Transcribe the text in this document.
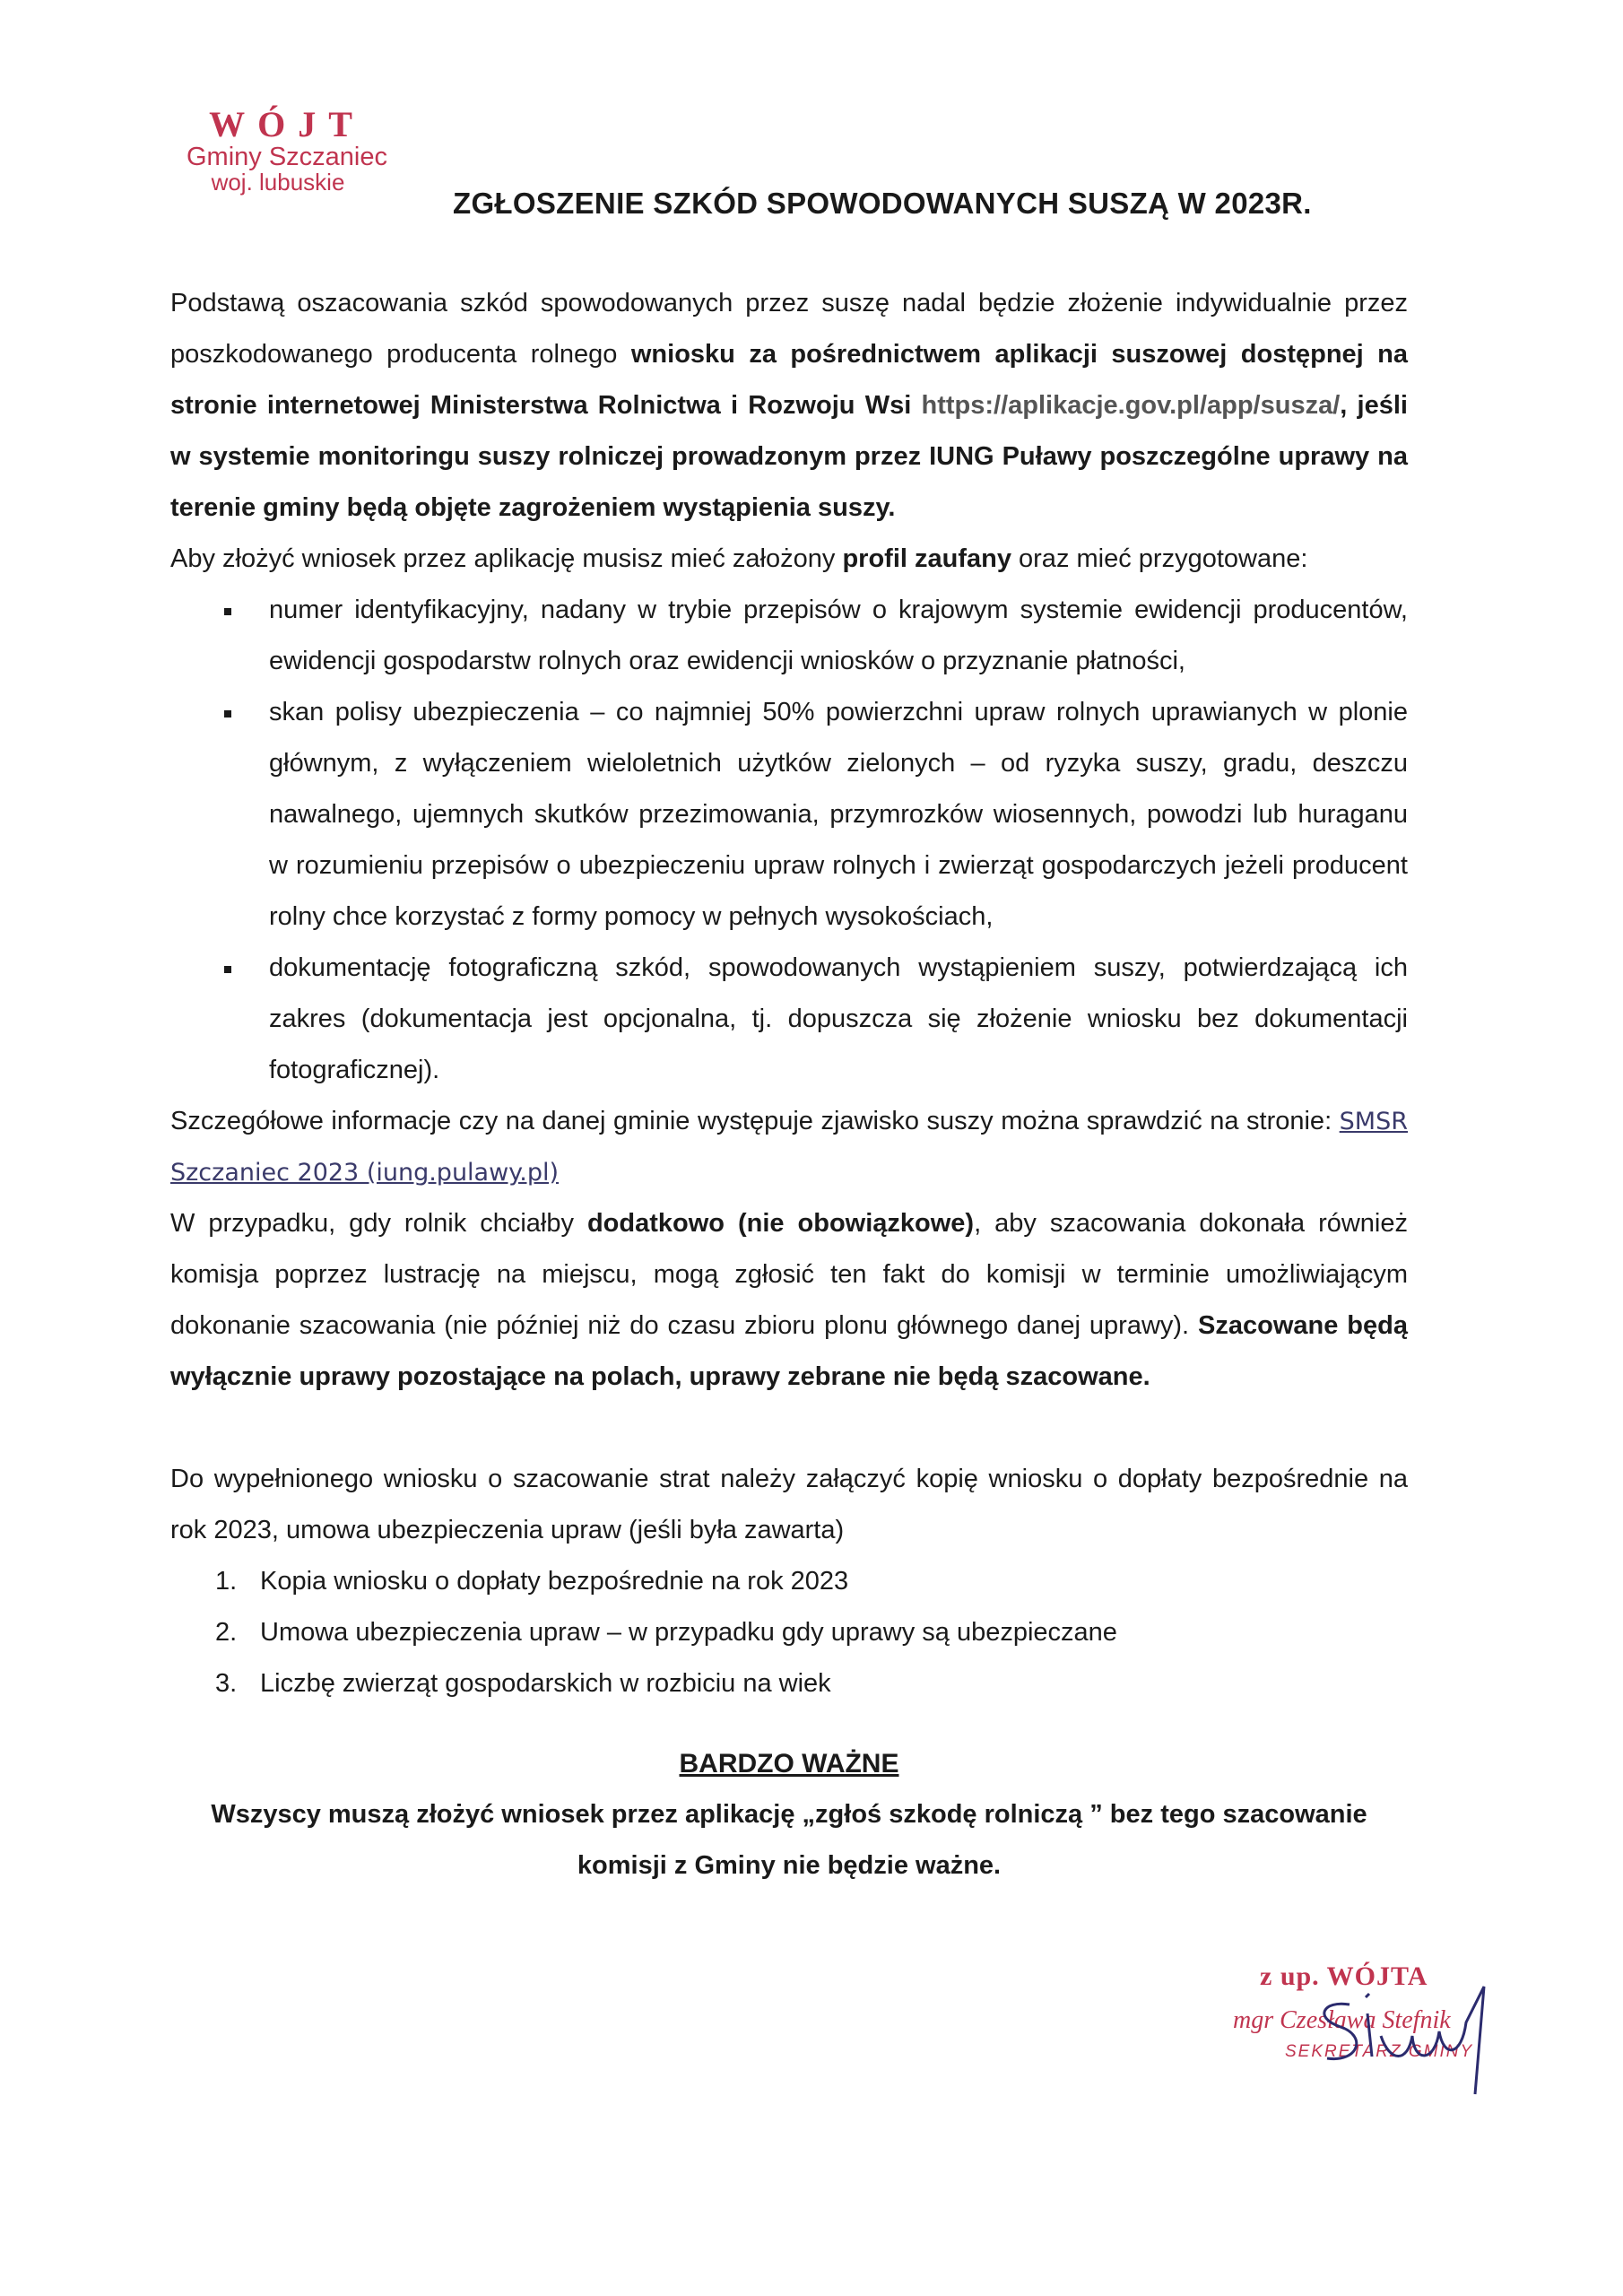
WÓJT
Gminy Szczaniec
woj. lubuskie
ZGŁOSZENIE SZKÓD SPOWODOWANYCH SUSZĄ W 2023R.

Podstawą oszacowania szkód spowodowanych przez suszę nadal będzie złożenie indywidualnie przez poszkodowanego producenta rolnego wniosku za pośrednictwem aplikacji suszowej dostępnej na stronie internetowej Ministerstwa Rolnictwa i Rozwoju Wsi https://aplikacje.gov.pl/app/susza/, jeśli w systemie monitoringu suszy rolniczej prowadzonym przez IUNG Puławy poszczególne uprawy na terenie gminy będą objęte zagrożeniem wystąpienia suszy.

Aby złożyć wniosek przez aplikację musisz mieć założony profil zaufany oraz mieć przygotowane:

numer identyfikacyjny, nadany w trybie przepisów o krajowym systemie ewidencji producentów, ewidencji gospodarstw rolnych oraz ewidencji wniosków o przyznanie płatności,
skan polisy ubezpieczenia – co najmniej 50% powierzchni upraw rolnych uprawianych w plonie głównym, z wyłączeniem wieloletnich użytków zielonych – od ryzyka suszy, gradu, deszczu nawalnego, ujemnych skutków przezimowania, przymrozków wiosennych, powodzi lub huraganu w rozumieniu przepisów o ubezpieczeniu upraw rolnych i zwierząt gospodarczych jeżeli producent rolny chce korzystać z formy pomocy w pełnych wysokościach,
dokumentację fotograficzną szkód, spowodowanych wystąpieniem suszy, potwierdzającą ich zakres (dokumentacja jest opcjonalna, tj. dopuszcza się złożenie wniosku bez dokumentacji fotograficznej).

Szczegółowe informacje czy na danej gminie występuje zjawisko suszy można sprawdzić na stronie: SMSR Szczaniec 2023 (iung.pulawy.pl)

W przypadku, gdy rolnik chciałby dodatkowo (nie obowiązkowe), aby szacowania dokonała również komisja poprzez lustrację na miejscu, mogą zgłosić ten fakt do komisji w terminie umożliwiającym dokonanie szacowania (nie później niż do czasu zbioru plonu głównego danej uprawy). Szacowane będą wyłącznie uprawy pozostające na polach, uprawy zebrane nie będą szacowane.

Do wypełnionego wniosku o szacowanie strat należy załączyć kopię wniosku o dopłaty bezpośrednie na rok 2023, umowa ubezpieczenia upraw (jeśli była zawarta)

1. Kopia wniosku o dopłaty bezpośrednie na rok 2023
2. Umowa ubezpieczenia upraw – w przypadku gdy uprawy są ubezpieczane
3. Liczbę zwierząt gospodarskich w rozbiciu na wiek
BARDZO WAŻNE
Wszyscy muszą złożyć wniosek przez aplikację „zgłoś szkodę rolniczą ” bez tego szacowanie
komisji z Gminy nie będzie ważne.
z up. WÓJTA
mgr Czesława Stefnik
SEKRETARZ GMINY
